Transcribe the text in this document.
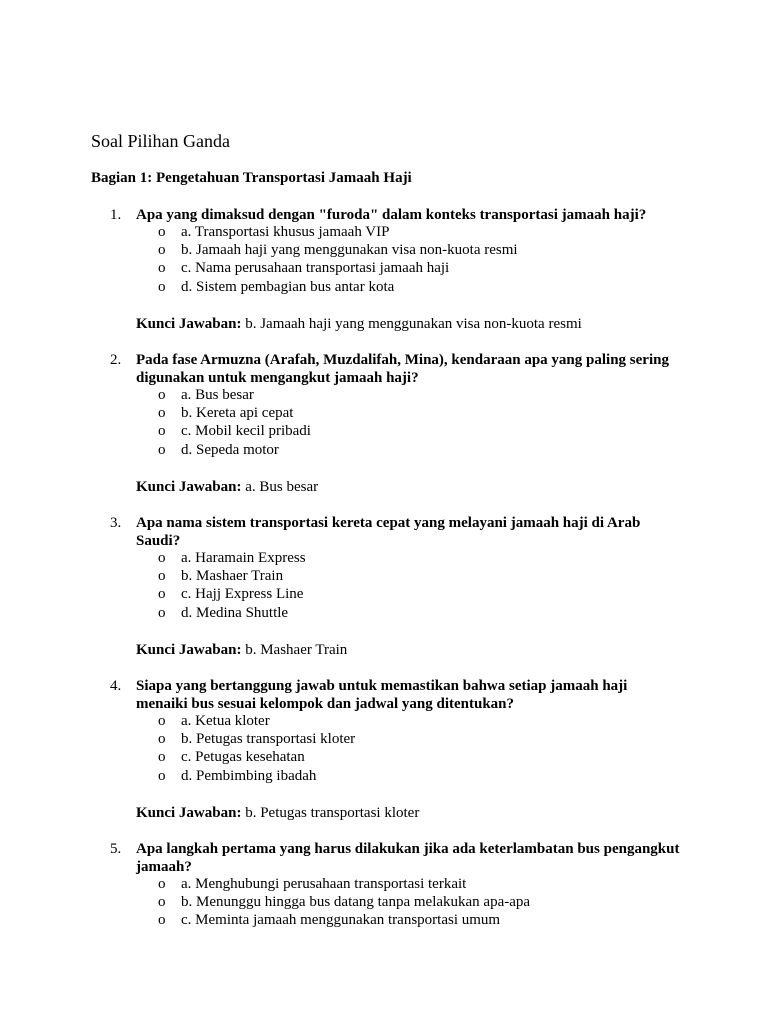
Soal Pilihan Ganda
Bagian 1: Pengetahuan Transportasi Jamaah Haji
1. Apa yang dimaksud dengan "furoda" dalam konteks transportasi jamaah haji?
o a. Transportasi khusus jamaah VIP
o b. Jamaah haji yang menggunakan visa non-kuota resmi
o c. Nama perusahaan transportasi jamaah haji
o d. Sistem pembagian bus antar kota
Kunci Jawaban: b. Jamaah haji yang menggunakan visa non-kuota resmi
2. Pada fase Armuzna (Arafah, Muzdalifah, Mina), kendaraan apa yang paling sering digunakan untuk mengangkut jamaah haji?
o a. Bus besar
o b. Kereta api cepat
o c. Mobil kecil pribadi
o d. Sepeda motor
Kunci Jawaban: a. Bus besar
3. Apa nama sistem transportasi kereta cepat yang melayani jamaah haji di Arab Saudi?
o a. Haramain Express
o b. Mashaer Train
o c. Hajj Express Line
o d. Medina Shuttle
Kunci Jawaban: b. Mashaer Train
4. Siapa yang bertanggung jawab untuk memastikan bahwa setiap jamaah haji menaiki bus sesuai kelompok dan jadwal yang ditentukan?
o a. Ketua kloter
o b. Petugas transportasi kloter
o c. Petugas kesehatan
o d. Pembimbing ibadah
Kunci Jawaban: b. Petugas transportasi kloter
5. Apa langkah pertama yang harus dilakukan jika ada keterlambatan bus pengangkut jamaah?
o a. Menghubungi perusahaan transportasi terkait
o b. Menunggu hingga bus datang tanpa melakukan apa-apa
o c. Meminta jamaah menggunakan transportasi umum
